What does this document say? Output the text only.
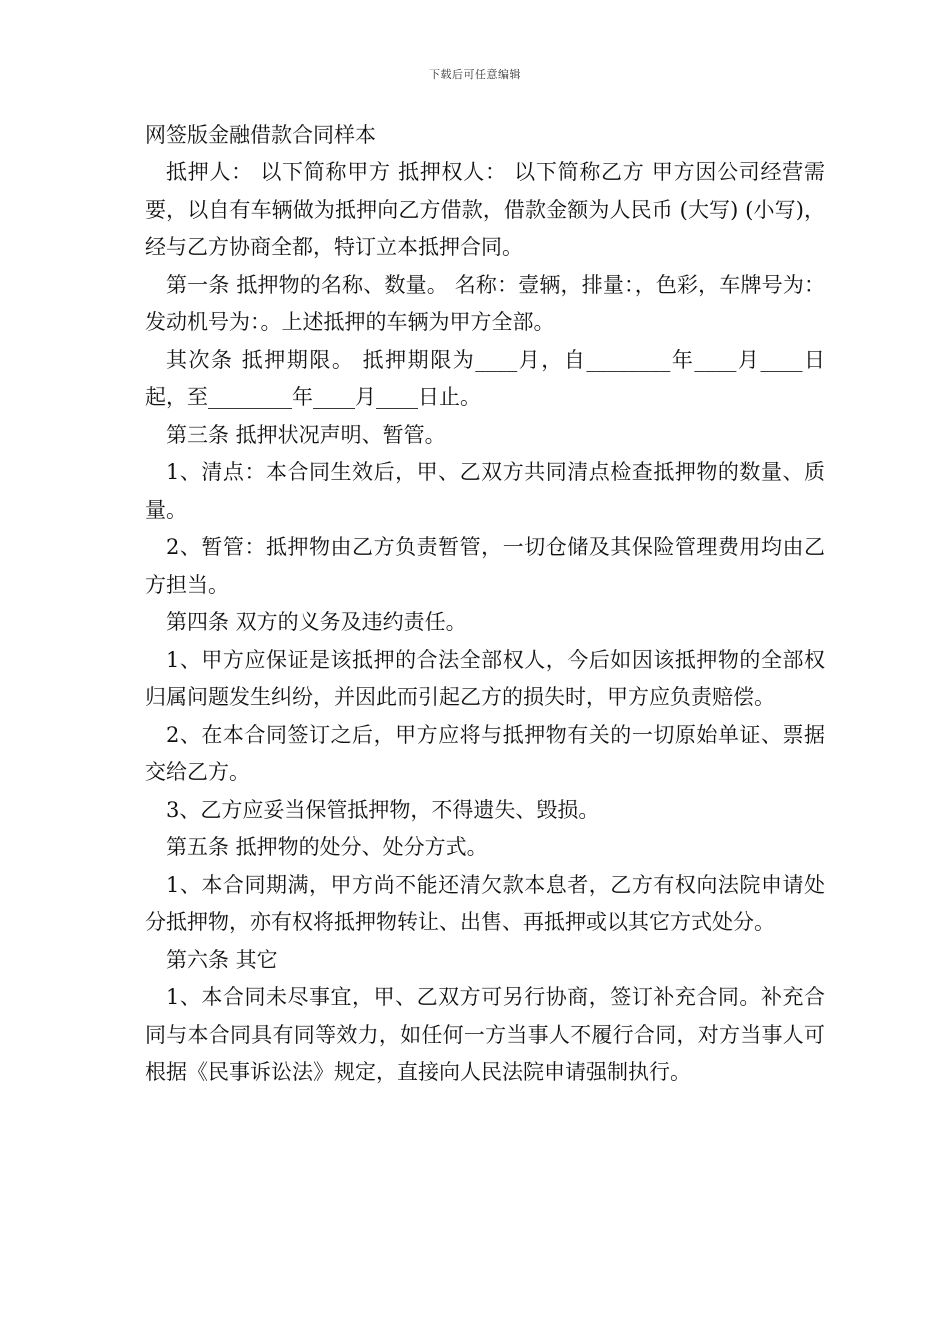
下载后可任意编辑
网签版金融借款合同样本

抵押人： 以下简称甲方 抵押权人： 以下简称乙方 甲方因公司经营需要，以自有车辆做为抵押向乙方借款，借款金额为人民币 (大写) (小写)，经与乙方协商全都，特订立本抵押合同。

第一条 抵押物的名称、数量。 名称：壹辆，排量：，色彩，车牌号为：发动机号为：。上述抵押的车辆为甲方全部。

其次条 抵押期限。 抵押期限为____月，自________年____月____日起，至________年____月____日止。

第三条 抵押状况声明、暂管。

1、清点：本合同生效后，甲、乙双方共同清点检查抵押物的数量、质量。

2、暂管：抵押物由乙方负责暂管，一切仓储及其保险管理费用均由乙方担当。

第四条 双方的义务及违约责任。

1、甲方应保证是该抵押的合法全部权人，今后如因该抵押物的全部权归属问题发生纠纷，并因此而引起乙方的损失时，甲方应负责赔偿。

2、在本合同签订之后，甲方应将与抵押物有关的一切原始单证、票据交给乙方。

3、乙方应妥当保管抵押物，不得遗失、毁损。

第五条 抵押物的处分、处分方式。

1、本合同期满，甲方尚不能还清欠款本息者，乙方有权向法院申请处分抵押物，亦有权将抵押物转让、出售、再抵押或以其它方式处分。

第六条 其它

1、本合同未尽事宜，甲、乙双方可另行协商，签订补充合同。补充合同与本合同具有同等效力，如任何一方当事人不履行合同，对方当事人可根据《民事诉讼法》规定，直接向人民法院申请强制执行。
